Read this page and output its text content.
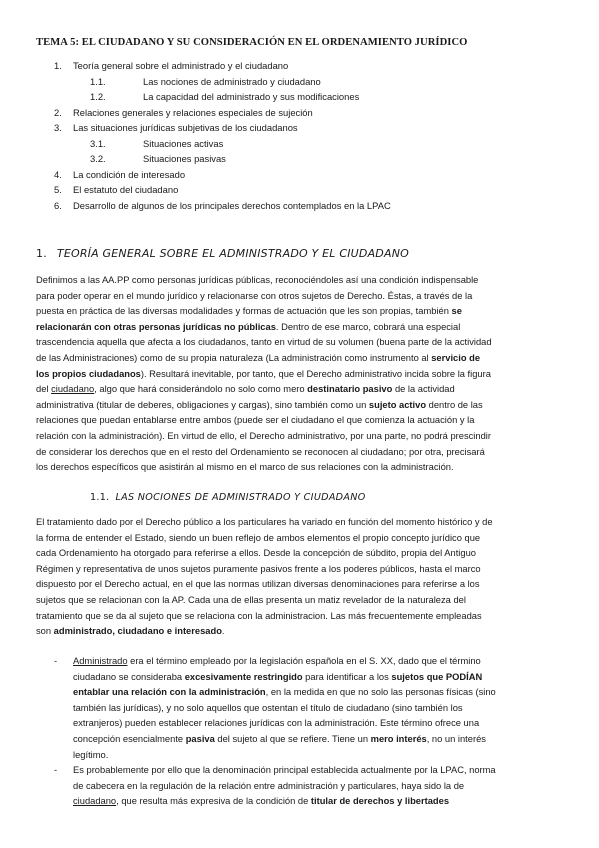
TEMA 5: EL CIUDADANO Y SU CONSIDERACIÓN EN EL ORDENAMIENTO JURÍDICO
1. Teoría general sobre el administrado y el ciudadano
1.1.	Las nociones de administrado y ciudadano
1.2.	La capacidad del administrado y sus modificaciones
2. Relaciones generales y relaciones especiales de sujeción
3. Las situaciones jurídicas subjetivas de los ciudadanos
3.1.	Situaciones activas
3.2.	Situaciones pasivas
4. La condición de interesado
5. El estatuto del ciudadano
6. Desarrollo de algunos de los principales derechos contemplados en la LPAC
1. TEORÍA GENERAL SOBRE EL ADMINISTRADO Y EL CIUDADANO
Definimos a las AA.PP como personas jurídicas públicas, reconociéndoles así una condición indispensable
para poder operar en el mundo jurídico y relacionarse con otros sujetos de Derecho. Éstas, a través de la
puesta en práctica de las diversas modalidades y formas de actuación que les son propias, también se
relacionarán con otras personas jurídicas no públicas. Dentro de ese marco, cobrará una especial
trascendencia aquella que afecta a los ciudadanos, tanto en virtud de su volumen (buena parte de la actividad
de las Administraciones) como de su propia naturaleza (La administración como instrumento al servicio de
los propios ciudadanos). Resultará inevitable, por tanto, que el Derecho administrativo incida sobre la figura
del ciudadano, algo que hará considerándolo no solo como mero destinatario pasivo de la actividad
administrativa (titular de deberes, obligaciones y cargas), sino también como un sujeto activo dentro de las
relaciones que puedan entablarse entre ambos (puede ser el ciudadano el que comienza la actuación y la
relación con la administración). En virtud de ello, el Derecho administrativo, por una parte, no podrá prescindir
de considerar los derechos que en el resto del Ordenamiento se reconocen al ciudadano; por otra, precisará
los derechos específicos que asistirán al mismo en el marco de sus relaciones con la administración.
1.1. LAS NOCIONES DE ADMINISTRADO Y CIUDADANO
El tratamiento dado por el Derecho público a los particulares ha variado en función del momento histórico y de
la forma de entender el Estado, siendo un buen reflejo de ambos elementos el propio concepto jurídico que
cada Ordenamiento ha otorgado para referirse a ellos. Desde la concepción de súbdito, propia del Antiguo
Régimen y representativa de unos sujetos puramente pasivos frente a los poderes públicos, hasta el marco
dispuesto por el Derecho actual, en el que las normas utilizan diversas denominaciones para referirse a los
sujetos que se relacionan con la AP. Cada una de ellas presenta un matiz revelador de la naturaleza del
tratamiento que se da al sujeto que se relaciona con la administracion. Las más frecuentemente empleadas
son administrado, ciudadano e interesado.
- Administrado era el término empleado por la legislación española en el S. XX, dado que el término
ciudadano se consideraba excesivamente restringido para identificar a los sujetos que PODÍAN
entablar una relación con la administración, en la medida en que no solo las personas físicas (sino
también las jurídicas), y no solo aquellos que ostentan el título de ciudadano (sino también los
extranjeros) pueden establecer relaciones jurídicas con la administración. Este término ofrece una
concepción esencialmente pasiva del sujeto al que se refiere. Tiene un mero interés, no un interés
legítimo.
- Es probablemente por ello que la denominación principal establecida actualmente por la LPAC, norma
de cabecera en la regulación de la relación entre administración y particulares, haya sido la de
ciudadano, que resulta más expresiva de la condición de titular de derechos y libertades
